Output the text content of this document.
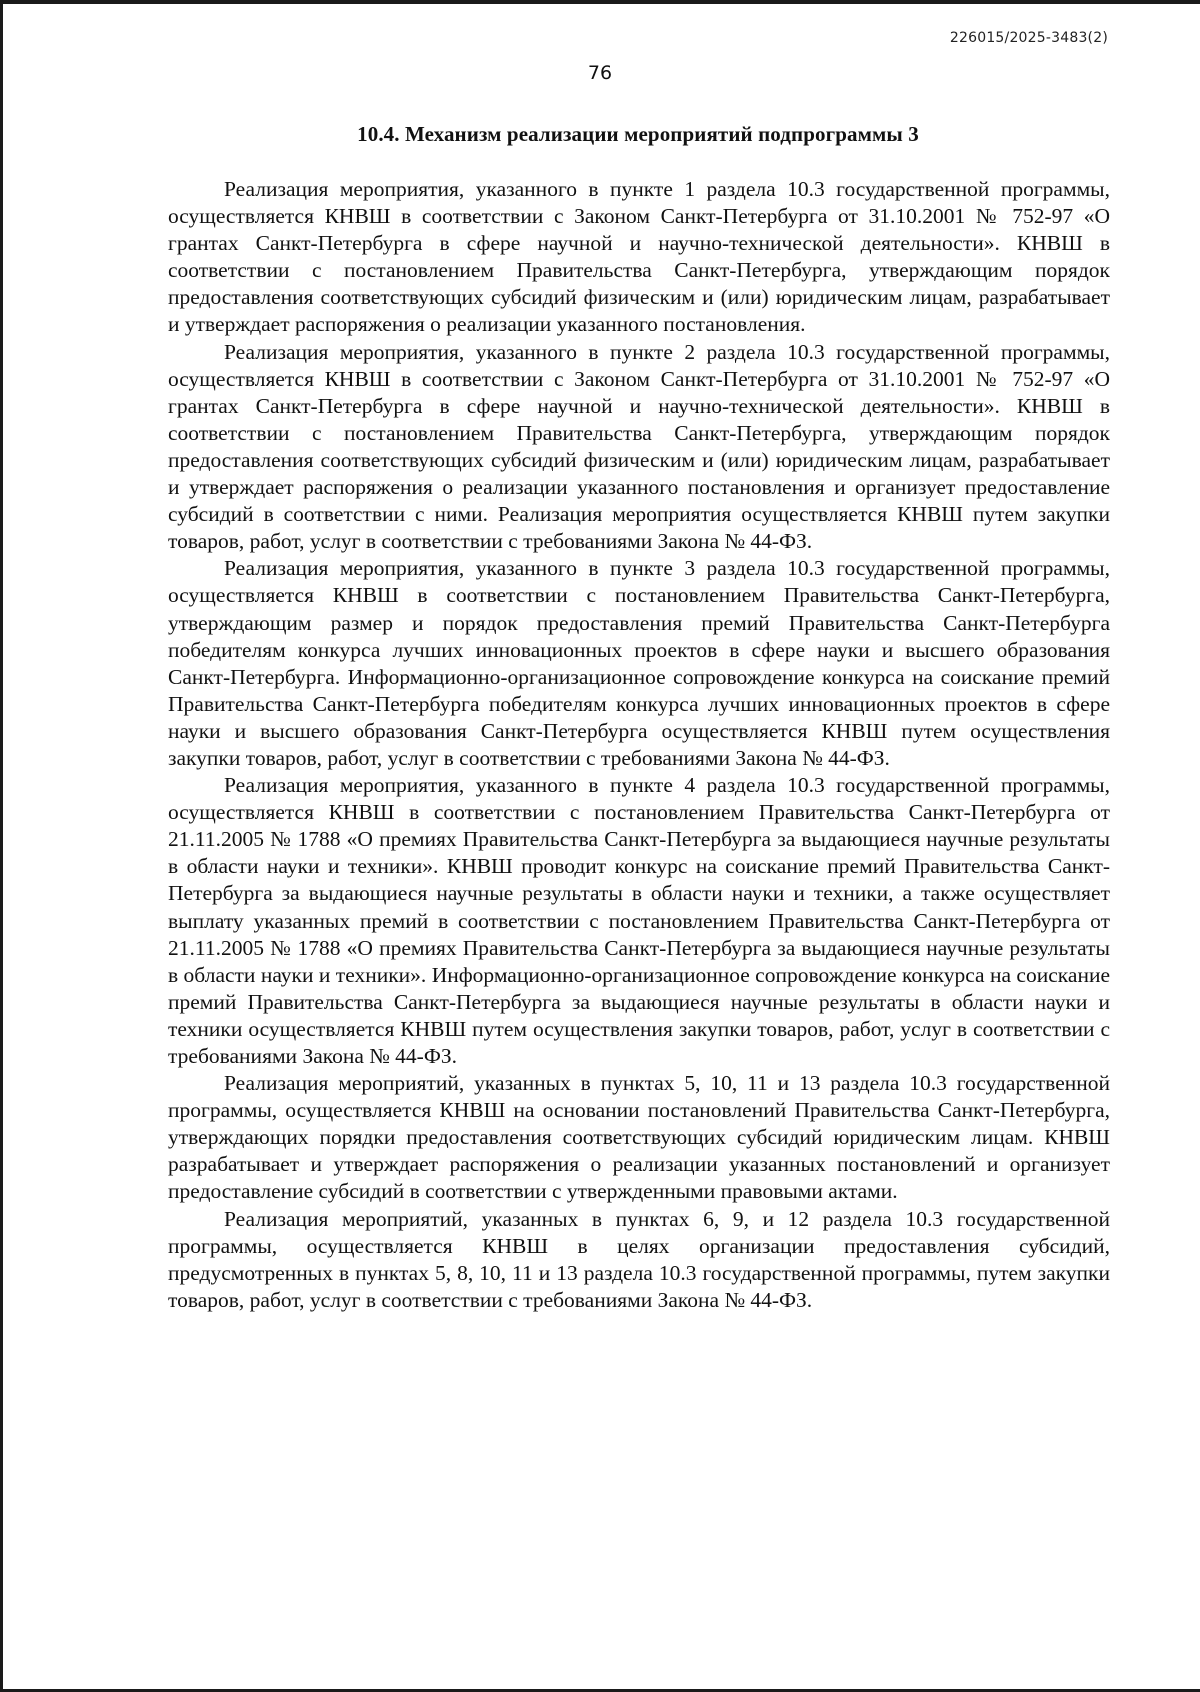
226015/2025-3483(2)
76
10.4. Механизм реализации мероприятий подпрограммы 3

Реализация мероприятия, указанного в пункте 1 раздела 10.3 государственной программы, осуществляется КНВШ в соответствии с Законом Санкт-Петербурга от 31.10.2001 № 752-97 «О грантах Санкт-Петербурга в сфере научной и научно-технической деятельности». КНВШ в соответствии с постановлением Правительства Санкт-Петербурга, утверждающим порядок предоставления соответствующих субсидий физическим и (или) юридическим лицам, разрабатывает и утверждает распоряжения о реализации указанного постановления.

Реализация мероприятия, указанного в пункте 2 раздела 10.3 государственной программы, осуществляется КНВШ в соответствии с Законом Санкт-Петербурга от 31.10.2001 № 752-97 «О грантах Санкт-Петербурга в сфере научной и научно-технической деятельности». КНВШ в соответствии с постановлением Правительства Санкт-Петербурга, утверждающим порядок предоставления соответствующих субсидий физическим и (или) юридическим лицам, разрабатывает и утверждает распоряжения о реализации указанного постановления и организует предоставление субсидий в соответствии с ними. Реализация мероприятия осуществляется КНВШ путем закупки товаров, работ, услуг в соответствии с требованиями Закона № 44-ФЗ.

Реализация мероприятия, указанного в пункте 3 раздела 10.3 государственной программы, осуществляется КНВШ в соответствии с постановлением Правительства Санкт-Петербурга, утверждающим размер и порядок предоставления премий Правительства Санкт-Петербурга победителям конкурса лучших инновационных проектов в сфере науки и высшего образования Санкт-Петербурга. Информационно-организационное сопровождение конкурса на соискание премий Правительства Санкт-Петербурга победителям конкурса лучших инновационных проектов в сфере науки и высшего образования Санкт-Петербурга осуществляется КНВШ путем осуществления закупки товаров, работ, услуг в соответствии с требованиями Закона № 44-ФЗ.

Реализация мероприятия, указанного в пункте 4 раздела 10.3 государственной программы, осуществляется КНВШ в соответствии с постановлением Правительства Санкт-Петербурга от 21.11.2005 № 1788 «О премиях Правительства Санкт-Петербурга за выдающиеся научные результаты в области науки и техники». КНВШ проводит конкурс на соискание премий Правительства Санкт-Петербурга за выдающиеся научные результаты в области науки и техники, а также осуществляет выплату указанных премий в соответствии с постановлением Правительства Санкт-Петербурга от 21.11.2005 № 1788 «О премиях Правительства Санкт-Петербурга за выдающиеся научные результаты в области науки и техники». Информационно-организационное сопровождение конкурса на соискание премий Правительства Санкт-Петербурга за выдающиеся научные результаты в области науки и техники осуществляется КНВШ путем осуществления закупки товаров, работ, услуг в соответствии с требованиями Закона № 44-ФЗ.

Реализация мероприятий, указанных в пунктах 5, 10, 11 и 13 раздела 10.3 государственной программы, осуществляется КНВШ на основании постановлений Правительства Санкт-Петербурга, утверждающих порядки предоставления соответствующих субсидий юридическим лицам. КНВШ разрабатывает и утверждает распоряжения о реализации указанных постановлений и организует предоставление субсидий в соответствии с утвержденными правовыми актами.

Реализация мероприятий, указанных в пунктах 6, 9, и 12 раздела 10.3 государственной программы, осуществляется КНВШ в целях организации предоставления субсидий, предусмотренных в пунктах 5, 8, 10, 11 и 13 раздела 10.3 государственной программы, путем закупки товаров, работ, услуг в соответствии с требованиями Закона № 44-ФЗ.
